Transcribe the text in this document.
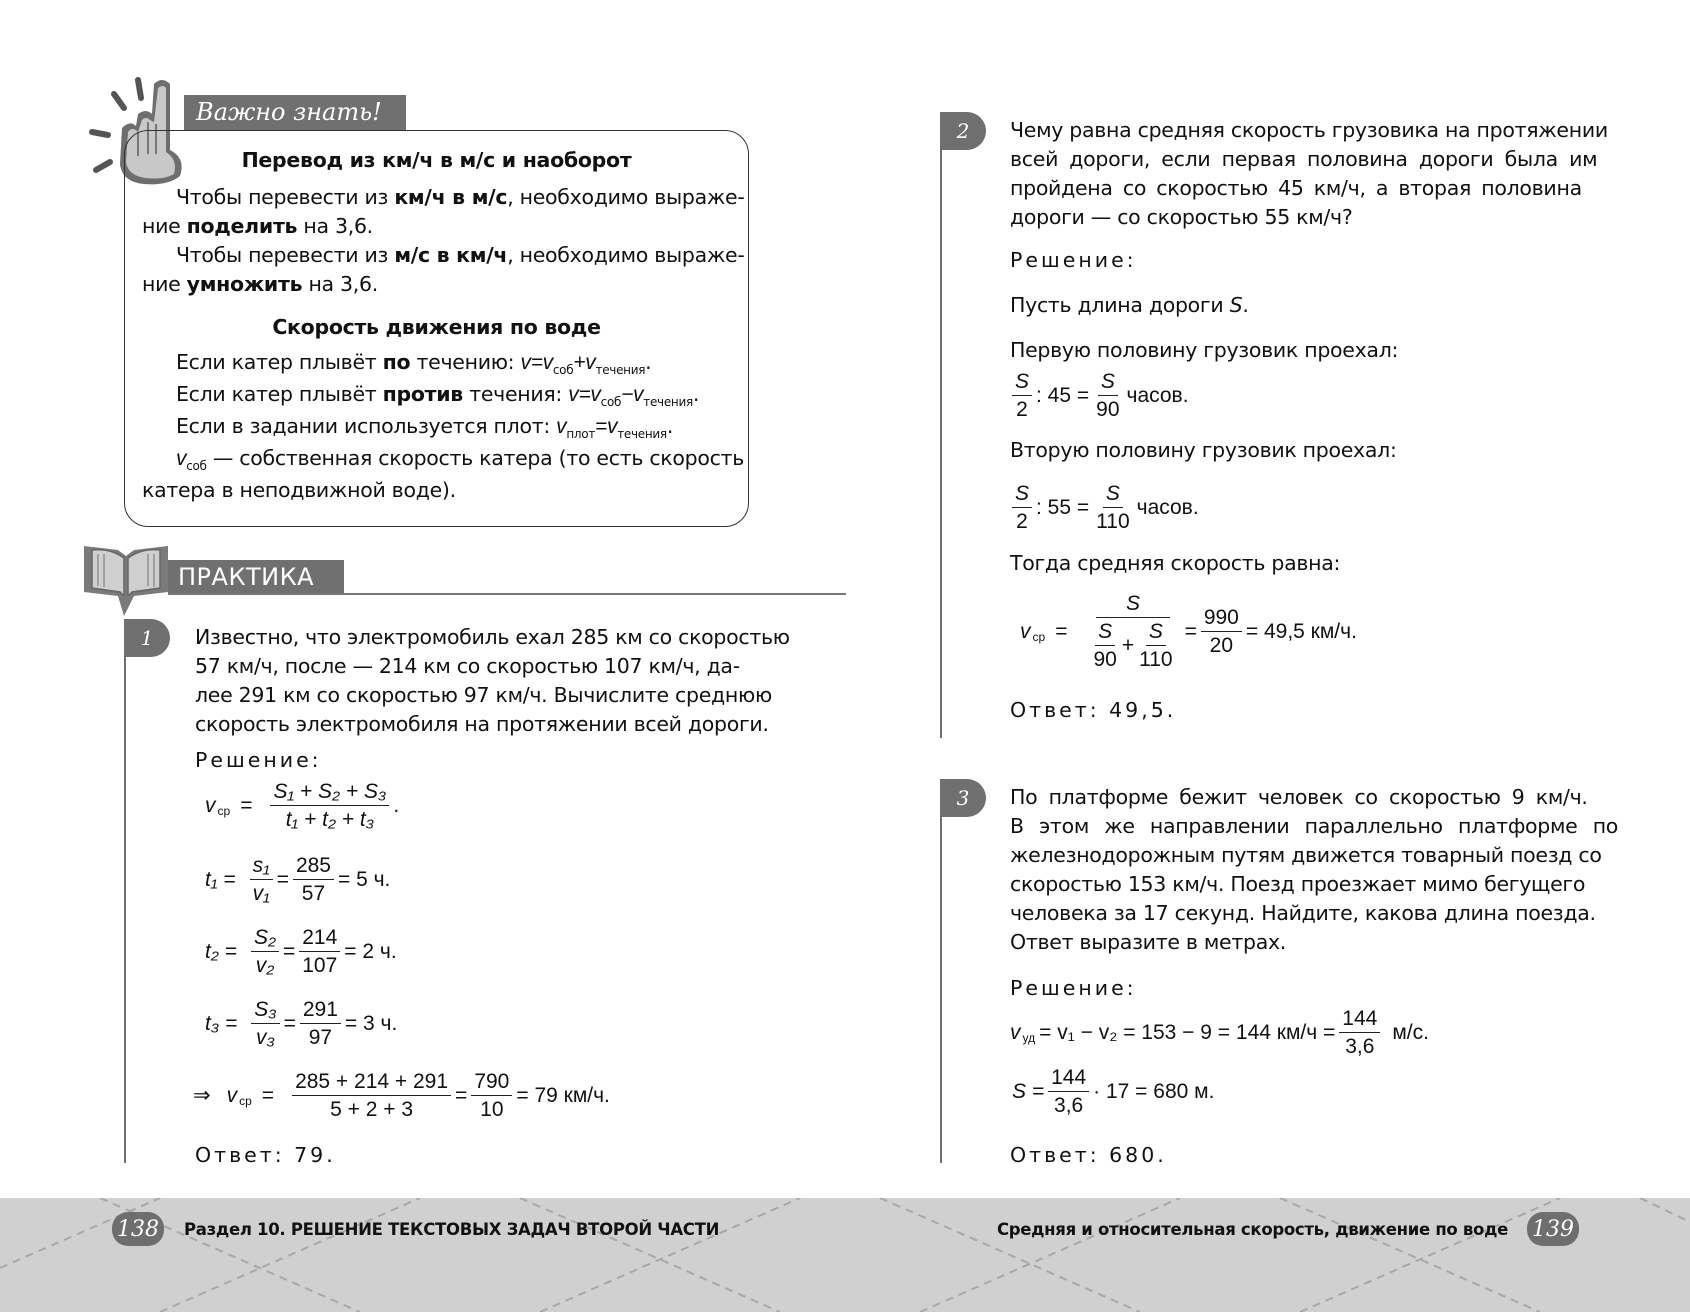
Важно знать!
Перевод из км/ч в м/с и наоборот
Чтобы перевести из км/ч в м/с, необходимо выраже-
ние поделить на 3,6.
Чтобы перевести из м/с в км/ч, необходимо выраже-
ние умножить на 3,6.
Скорость движения по воде
Если катер плывёт по течению: $v=v_{соб}+v_{течения}$.
Если катер плывёт против течения: $v=v_{соб}-v_{течения}$.
Если в задании используется плот: $v_{плот}=v_{течения}$.
$v_{соб}$ — собственная скорость катера (то есть скорость
катера в неподвижной воде).
ПРАКТИКА
1	Известно, что электромобиль ехал 285 км со скоростью
57 км/ч, после — 214 км со скоростью 107 км/ч, да-
лее 291 км со скоростью 97 км/ч. Вычислите среднюю
скорость электромобиля на протяжении всей дороги.
Решение:
v ср = $\frac{\text{S₁ + S₂ + S₃}}{\text{t₁ + t₂ + t₃}}$ .
$t_1 = \frac{\text{s₁}}{\text{v₁}} = \frac{285}{57} = 5$ ч.
$t_2 = \frac{\text{S₂}}{\text{v₂}} = \frac{214}{107} = 2$ ч.
$t_3 = \frac{\text{S₃}}{\text{v₃}} = \frac{291}{97} = 3$ ч.
⇒ v ср = $\frac{285 + 214 + 291}{5 + 2 + 3} = \frac{790}{10} = 79$ км/ч.
Ответ: 79.
2	Чему равна средняя скорость грузовика на протяжении
всей дороги, если первая половина дороги была им
пройдена со скоростью 45 км/ч, а вторая половина
дороги — со скоростью 55 км/ч?
Решение:
Пусть длина дороги S.
Первую половину грузовик проехал:
$\frac{S}{2}$ : $45 = \frac{S}{90}$ часов.
Вторую половину грузовик проехал:
$\frac{S}{2}$ : $55 = \frac{S}{110}$ часов.
Тогда средняя скорость равна:
v ср = $\frac{S}{\frac{S}{90} + \frac{S}{110}} = \frac{990}{20} = 49,5$ км/ч.
Ответ: 49,5.
3	По платформе бежит человек со скоростью 9 км/ч.
В этом же направлении параллельно платформе по
железнодорожным путям движется товарный поезд со
скоростью 153 км/ч. Поезд проезжает мимо бегущего
человека за 17 секунд. Найдите, какова длина поезда.
Ответ выразите в метрах.
Решение:
v уд = v₁ − v₂ = 153 − 9 = 144 $км/ч = \frac{144}{3,6} м/с$.
$S = \frac{144}{3,6} \cdot 17 = 680$ м.
Ответ: 680.
138	Раздел 10. РЕШЕНИЕ ТЕКСТОВЫХ ЗАДАЧ ВТОРОЙ ЧАСТИ	Средняя и относительная скорость, движение по воде 139
